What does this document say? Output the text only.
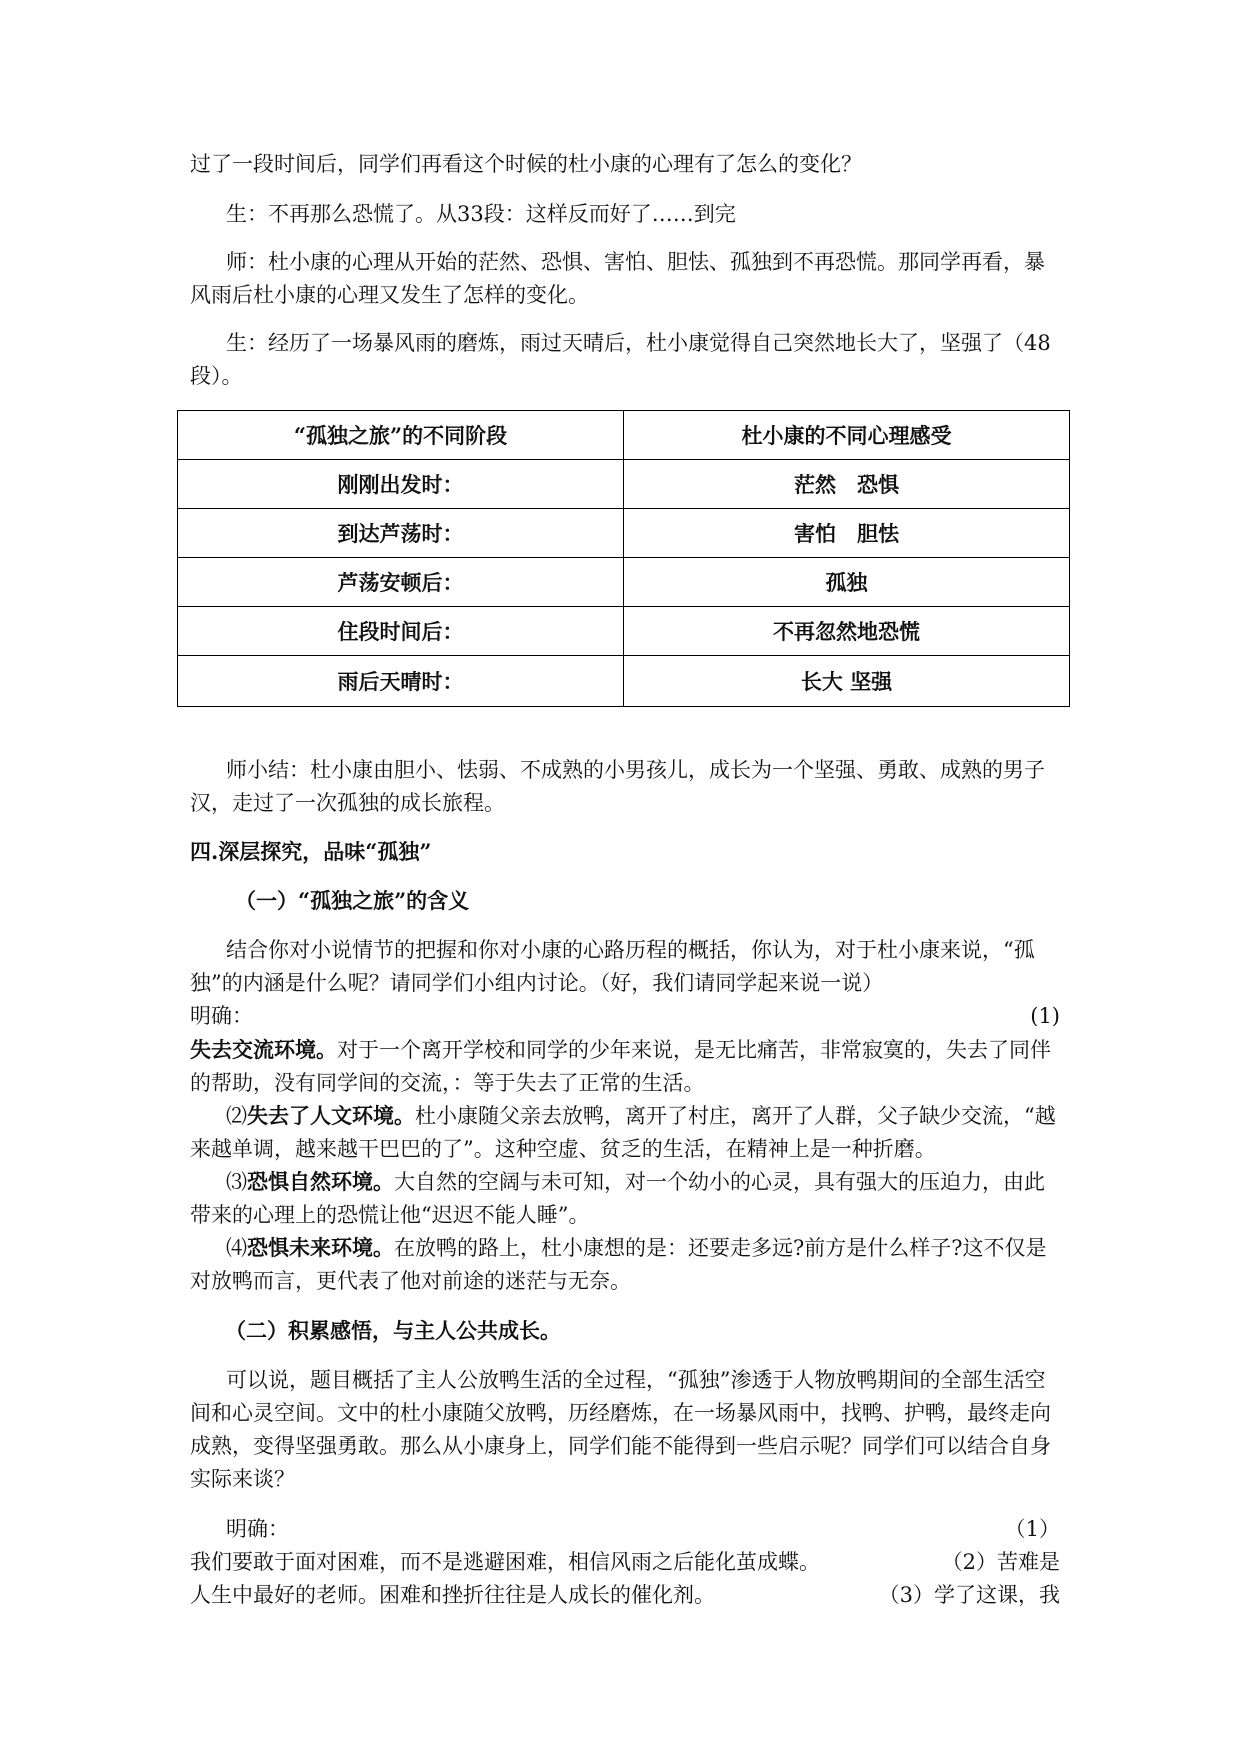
过了一段时间后，同学们再看这个时候的杜小康的心理有了怎么的变化？
生：不再那么恐慌了。从33段：这样反而好了……到完
师：杜小康的心理从开始的茫然、恐惧、害怕、胆怯、孤独到不再恐慌。那同学再看，暴风雨后杜小康的心理又发生了怎样的变化。
生：经历了一场暴风雨的磨炼，雨过天晴后，杜小康觉得自己突然地长大了，坚强了（48段）。
“孤独之旅”的不同阶段	杜小康的不同心理感受
刚刚出发时：	茫然　恐惧
到达芦荡时：	害怕　胆怯
芦荡安顿后：	孤独
住段时间后：	不再忽然地恐慌
雨后天晴时：	长大 坚强
师小结：杜小康由胆小、怯弱、不成熟的小男孩儿，成长为一个坚强、勇敢、成熟的男子汉，走过了一次孤独的成长旅程。
四.深层探究，品味“孤独”
（一）“孤独之旅”的含义
结合你对小说情节的把握和你对小康的心路历程的概括，你认为，对于杜小康来说，“孤独”的内涵是什么呢？请同学们小组内讨论。（好，我们请同学起来说一说）
明确：	(1)
失去交流环境。对于一个离开学校和同学的少年来说，是无比痛苦，非常寂寞的，失去了同伴的帮助，没有同学间的交流，：等于失去了正常的生活。
⑵失去了人文环境。杜小康随父亲去放鸭，离开了村庄，离开了人群，父子缺少交流，“越来越单调，越来越干巴巴的了”。这种空虚、贫乏的生活，在精神上是一种折磨。
⑶恐惧自然环境。大自然的空阔与未可知，对一个幼小的心灵，具有强大的压迫力，由此带来的心理上的恐慌让他“迟迟不能人睡”。
⑷恐惧未来环境。在放鸭的路上，杜小康想的是：还要走多远?前方是什么样子?这不仅是对放鸭而言，更代表了他对前途的迷茫与无奈。
（二）积累感悟，与主人公共成长。
可以说，题目概括了主人公放鸭生活的全过程，“孤独”渗透于人物放鸭期间的全部生活空间和心灵空间。文中的杜小康随父放鸭，历经磨炼，在一场暴风雨中，找鸭、护鸭，最终走向成熟，变得坚强勇敢。那么从小康身上，同学们能不能得到一些启示呢？同学们可以结合自身实际来谈？
明确：	（1）
我们要敢于面对困难，而不是逃避困难，相信风雨之后能化茧成蝶。	（2）苦难是
人生中最好的老师。困难和挫折往往是人成长的催化剂。	（3）学了这课，我
